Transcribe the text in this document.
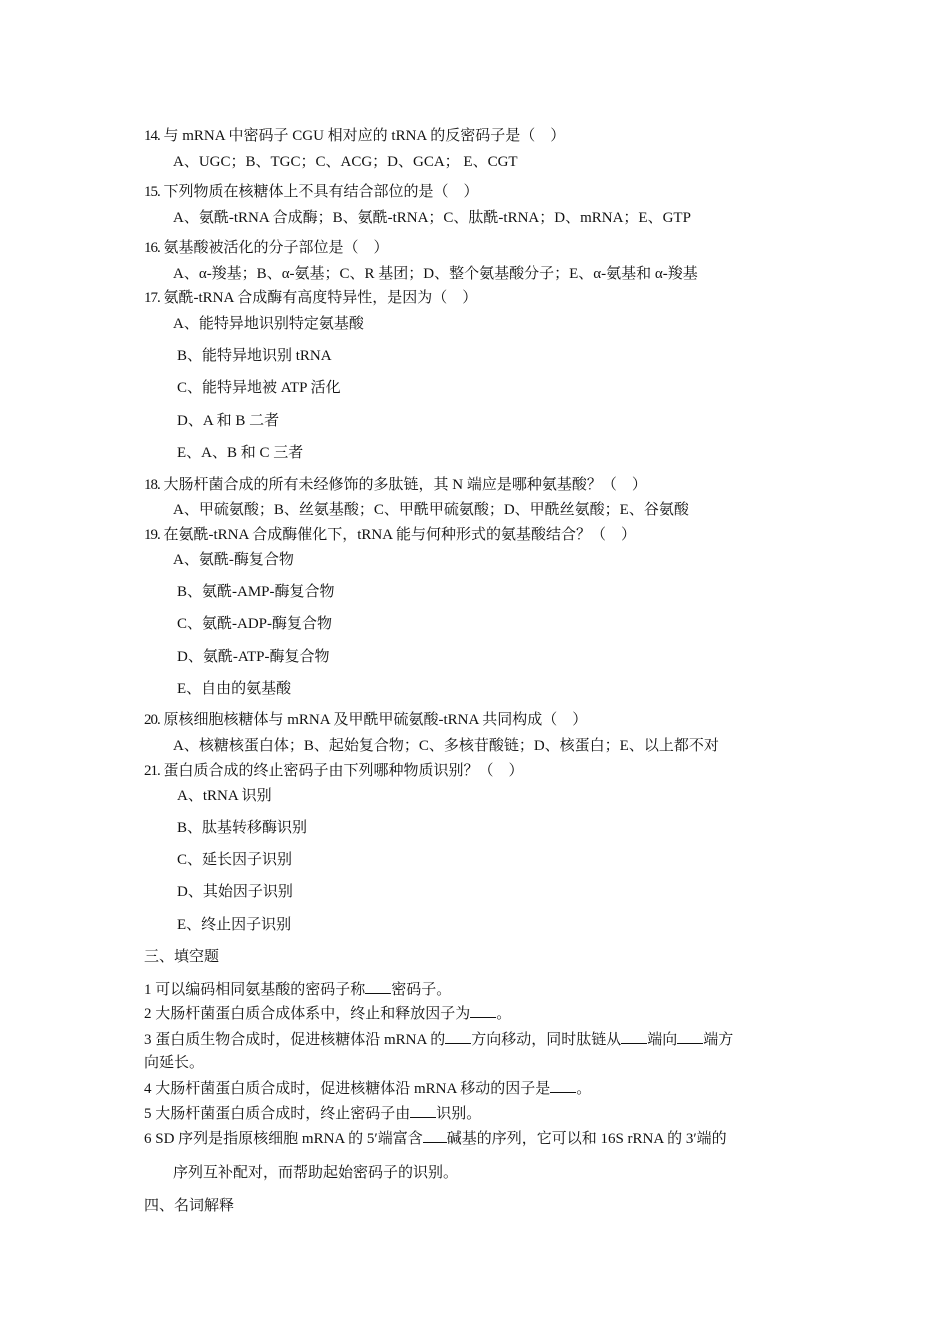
14. 与 mRNA 中密码子 CGU 相对应的 tRNA 的反密码子是（　）
A、UGC；B、TGC；C、ACG；D、GCA； E、CGT
15. 下列物质在核糖体上不具有结合部位的是（　）
A、氨酰-tRNA 合成酶；B、氨酰-tRNA；C、肽酰-tRNA；D、mRNA；E、GTP
16. 氨基酸被活化的分子部位是（　）
A、α-羧基；B、α-氨基；C、R 基团；D、整个氨基酸分子；E、α-氨基和 α-羧基
17. 氨酰-tRNA 合成酶有高度特异性，是因为（　）
A、能特异地识别特定氨基酸
B、能特异地识别 tRNA
C、能特异地被 ATP 活化
D、A 和 B 二者
E、A、B 和 C 三者
18. 大肠杆菌合成的所有未经修饰的多肽链，其 N 端应是哪种氨基酸？（　）
A、甲硫氨酸；B、丝氨基酸；C、甲酰甲硫氨酸；D、甲酰丝氨酸；E、谷氨酸
19. 在氨酰-tRNA 合成酶催化下，tRNA 能与何种形式的氨基酸结合？（　）
A、氨酰-酶复合物
B、氨酰-AMP-酶复合物
C、氨酰-ADP-酶复合物
D、氨酰-ATP-酶复合物
E、自由的氨基酸
20. 原核细胞核糖体与 mRNA 及甲酰甲硫氨酸-tRNA 共同构成（　）
A、核糖核蛋白体；B、起始复合物；C、多核苷酸链；D、核蛋白；E、以上都不对
21. 蛋白质合成的终止密码子由下列哪种物质识别？（　）
A、tRNA 识别
B、肽基转移酶识别
C、延长因子识别
D、其始因子识别
E、终止因子识别
三、填空题
1 可以编码相同氨基酸的密码子称 密码子。
2 大肠杆菌蛋白质合成体系中，终止和释放因子为 。
3 蛋白质生物合成时，促进核糖体沿 mRNA 的 方向移动，同时肽链从 端向 端方
向延长。
4 大肠杆菌蛋白质合成时，促进核糖体沿 mRNA 移动的因子是 。
5 大肠杆菌蛋白质合成时，终止密码子由 识别。
6 SD 序列是指原核细胞 mRNA 的 5′端富含 碱基的序列，它可以和 16S rRNA 的 3′端的
序列互补配对，而帮助起始密码子的识别。
四、名词解释
